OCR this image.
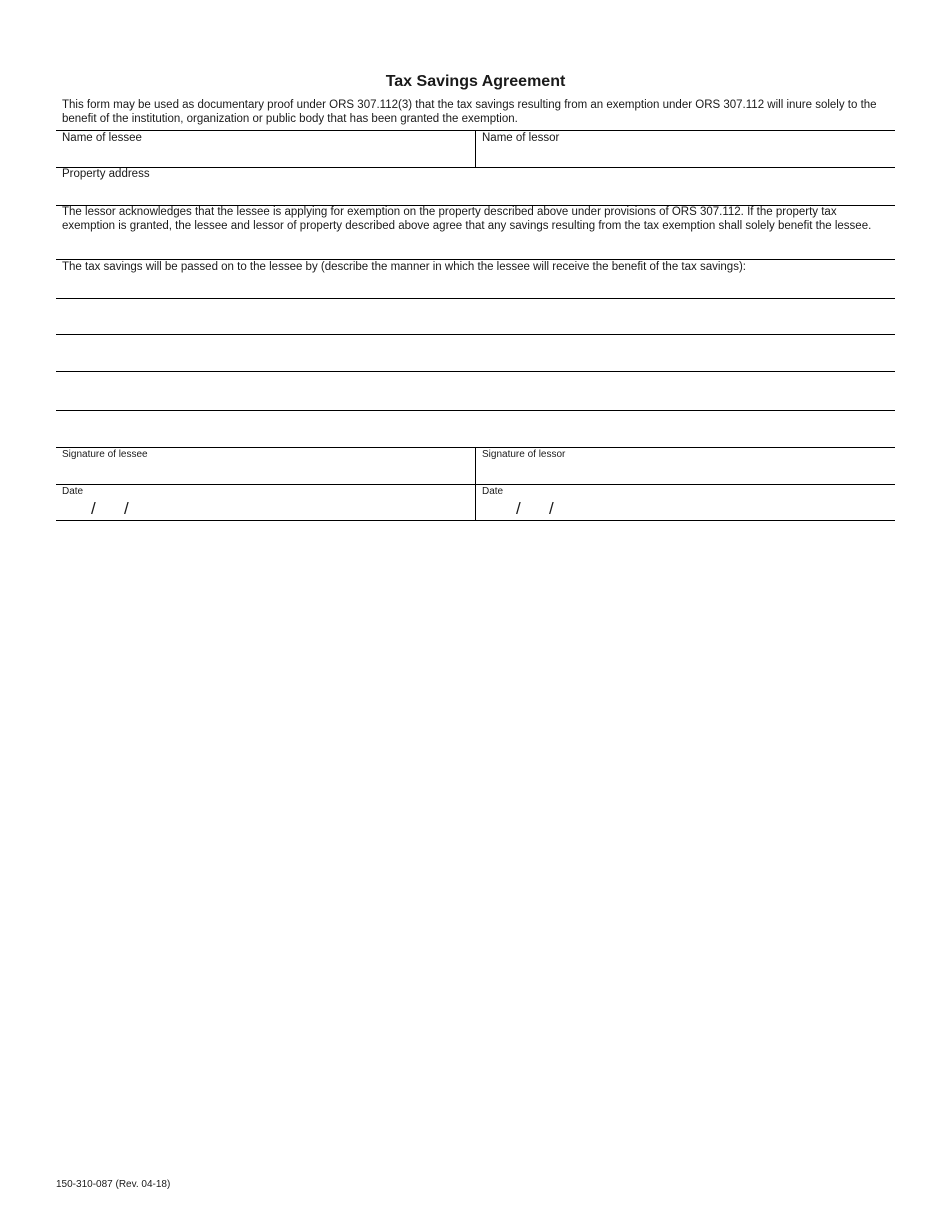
Tax Savings Agreement
This form may be used as documentary proof under ORS 307.112(3) that the tax savings resulting from an exemption under ORS 307.112 will inure solely to the benefit of the institution, organization or public body that has been granted the exemption.
Name of lessee	Name of lessor
Property address
The lessor acknowledges that the lessee is applying for exemption on the property described above under provisions of ORS 307.112. If the property tax exemption is granted, the lessee and lessor of property described above agree that any savings resulting from the tax exemption shall solely benefit the lessee.
The tax savings will be passed on to the lessee by (describe the manner in which the lessee will receive the benefit of the tax savings):
Signature of lessee	Signature of lessor
Date
/ /
Date
/ /
150-310-087 (Rev. 04-18)
